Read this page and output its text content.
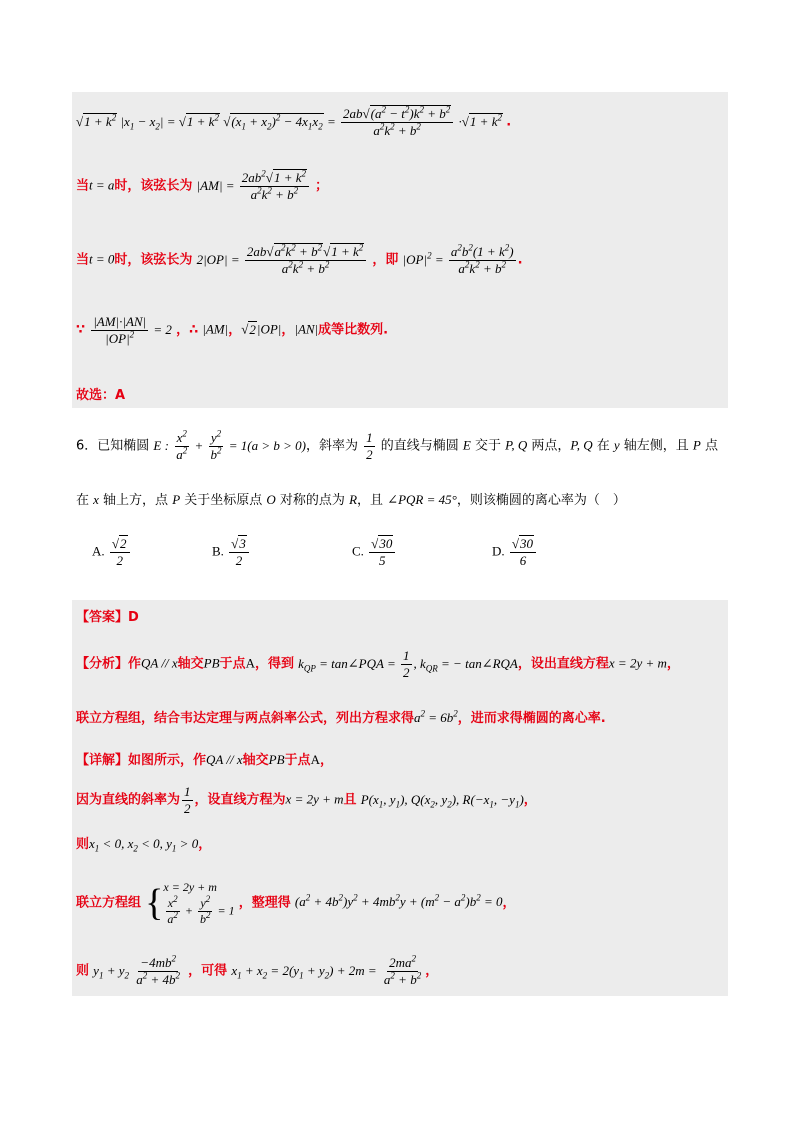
$√1 + k^2$ $|x_1 - x_2| = √1 + k^2$ $√(x_1 + x_2)^2 - 4x_1x_2 = \frac{2ab√(a^2 - t^2)k^2 + b^2}{a^2k^2 + b^2} \cdot√1 + k^2$ .
当t = a时，该弦长为 $|AM| = \frac{2ab^2√1 + k^2}{a^2k^2 + b^2}$ ；
当t = 0时，该弦长为 $2|OP| = \frac{2ab√a^2k^2 + b^2√1 + k^2}{a^2k^2 + b^2}$ ，即 $|OP|^2 = \frac{a^2b^2(1 + k^2)}{a^2k^2 + b^2}$ .
∵ $\frac{|AM|\cdot|AN|}{|OP|^2} = 2$ ，∴ |AM|，√2|OP|，|AN|成等比数列.
故选：A
6．已知椭圆 E : $\frac{x^2}{a^2} + \frac{y^2}{b^2} = 1(a > b > 0)$，斜率为 $\frac{1}{2}$ 的直线与椭圆 E 交于 P, Q 两点，P, Q 在 y 轴左侧，且 P 点
在 x 轴上方，点 P 关于坐标原点 O 对称的点为 R，且 ∠PQR = 45°，则该椭圆的离心率为（　）
A. $\frac{√2}{2}$	B. $\frac{√3}{2}$	C. $\frac{√30}{5}$	D. $\frac{√30}{6}$
【答案】D
【分析】作QA // x轴交PB于点A，得到 $k_{QP}$ = tan∠PQA = $\frac{1}{2}$ , $k_{QR}$ = − tan∠RQA，设出直线方程x = 2y + m，
联立方程组，结合韦达定理与两点斜率公式，列出方程求得$a^2 = 6b^2$，进而求得椭圆的离心率.
【详解】如图所示，作QA // x轴交PB于点A，
因为直线的斜率为 $\frac{1}{2}$ ，设直线方程为x = 2y + m且 $P(x_1$, $y_1$), $Q(x_2$, $y_2$), $R(-x_1$, $-y_1$)，
则$x_1 < 0$, $x_2 < 0$, $y_1 > 0$，
联立方程组 { x = 2y + m
$\frac{x^2}{a^2} + \frac{y^2}{b^2} = 1$ ，整理得 $(a^2 + 4b^2)y^2 + 4mb^2y + (m^2 - a^2)b^2 = 0$，
则 $y_1 + y_2 \frac{-4mb^2}{a^2 + 4b^2}$ ，可得 $x_1 + x_2 = 2(y_1 + y_2) + 2m = \frac{2ma^2}{a^2 + b^2}$ ，
